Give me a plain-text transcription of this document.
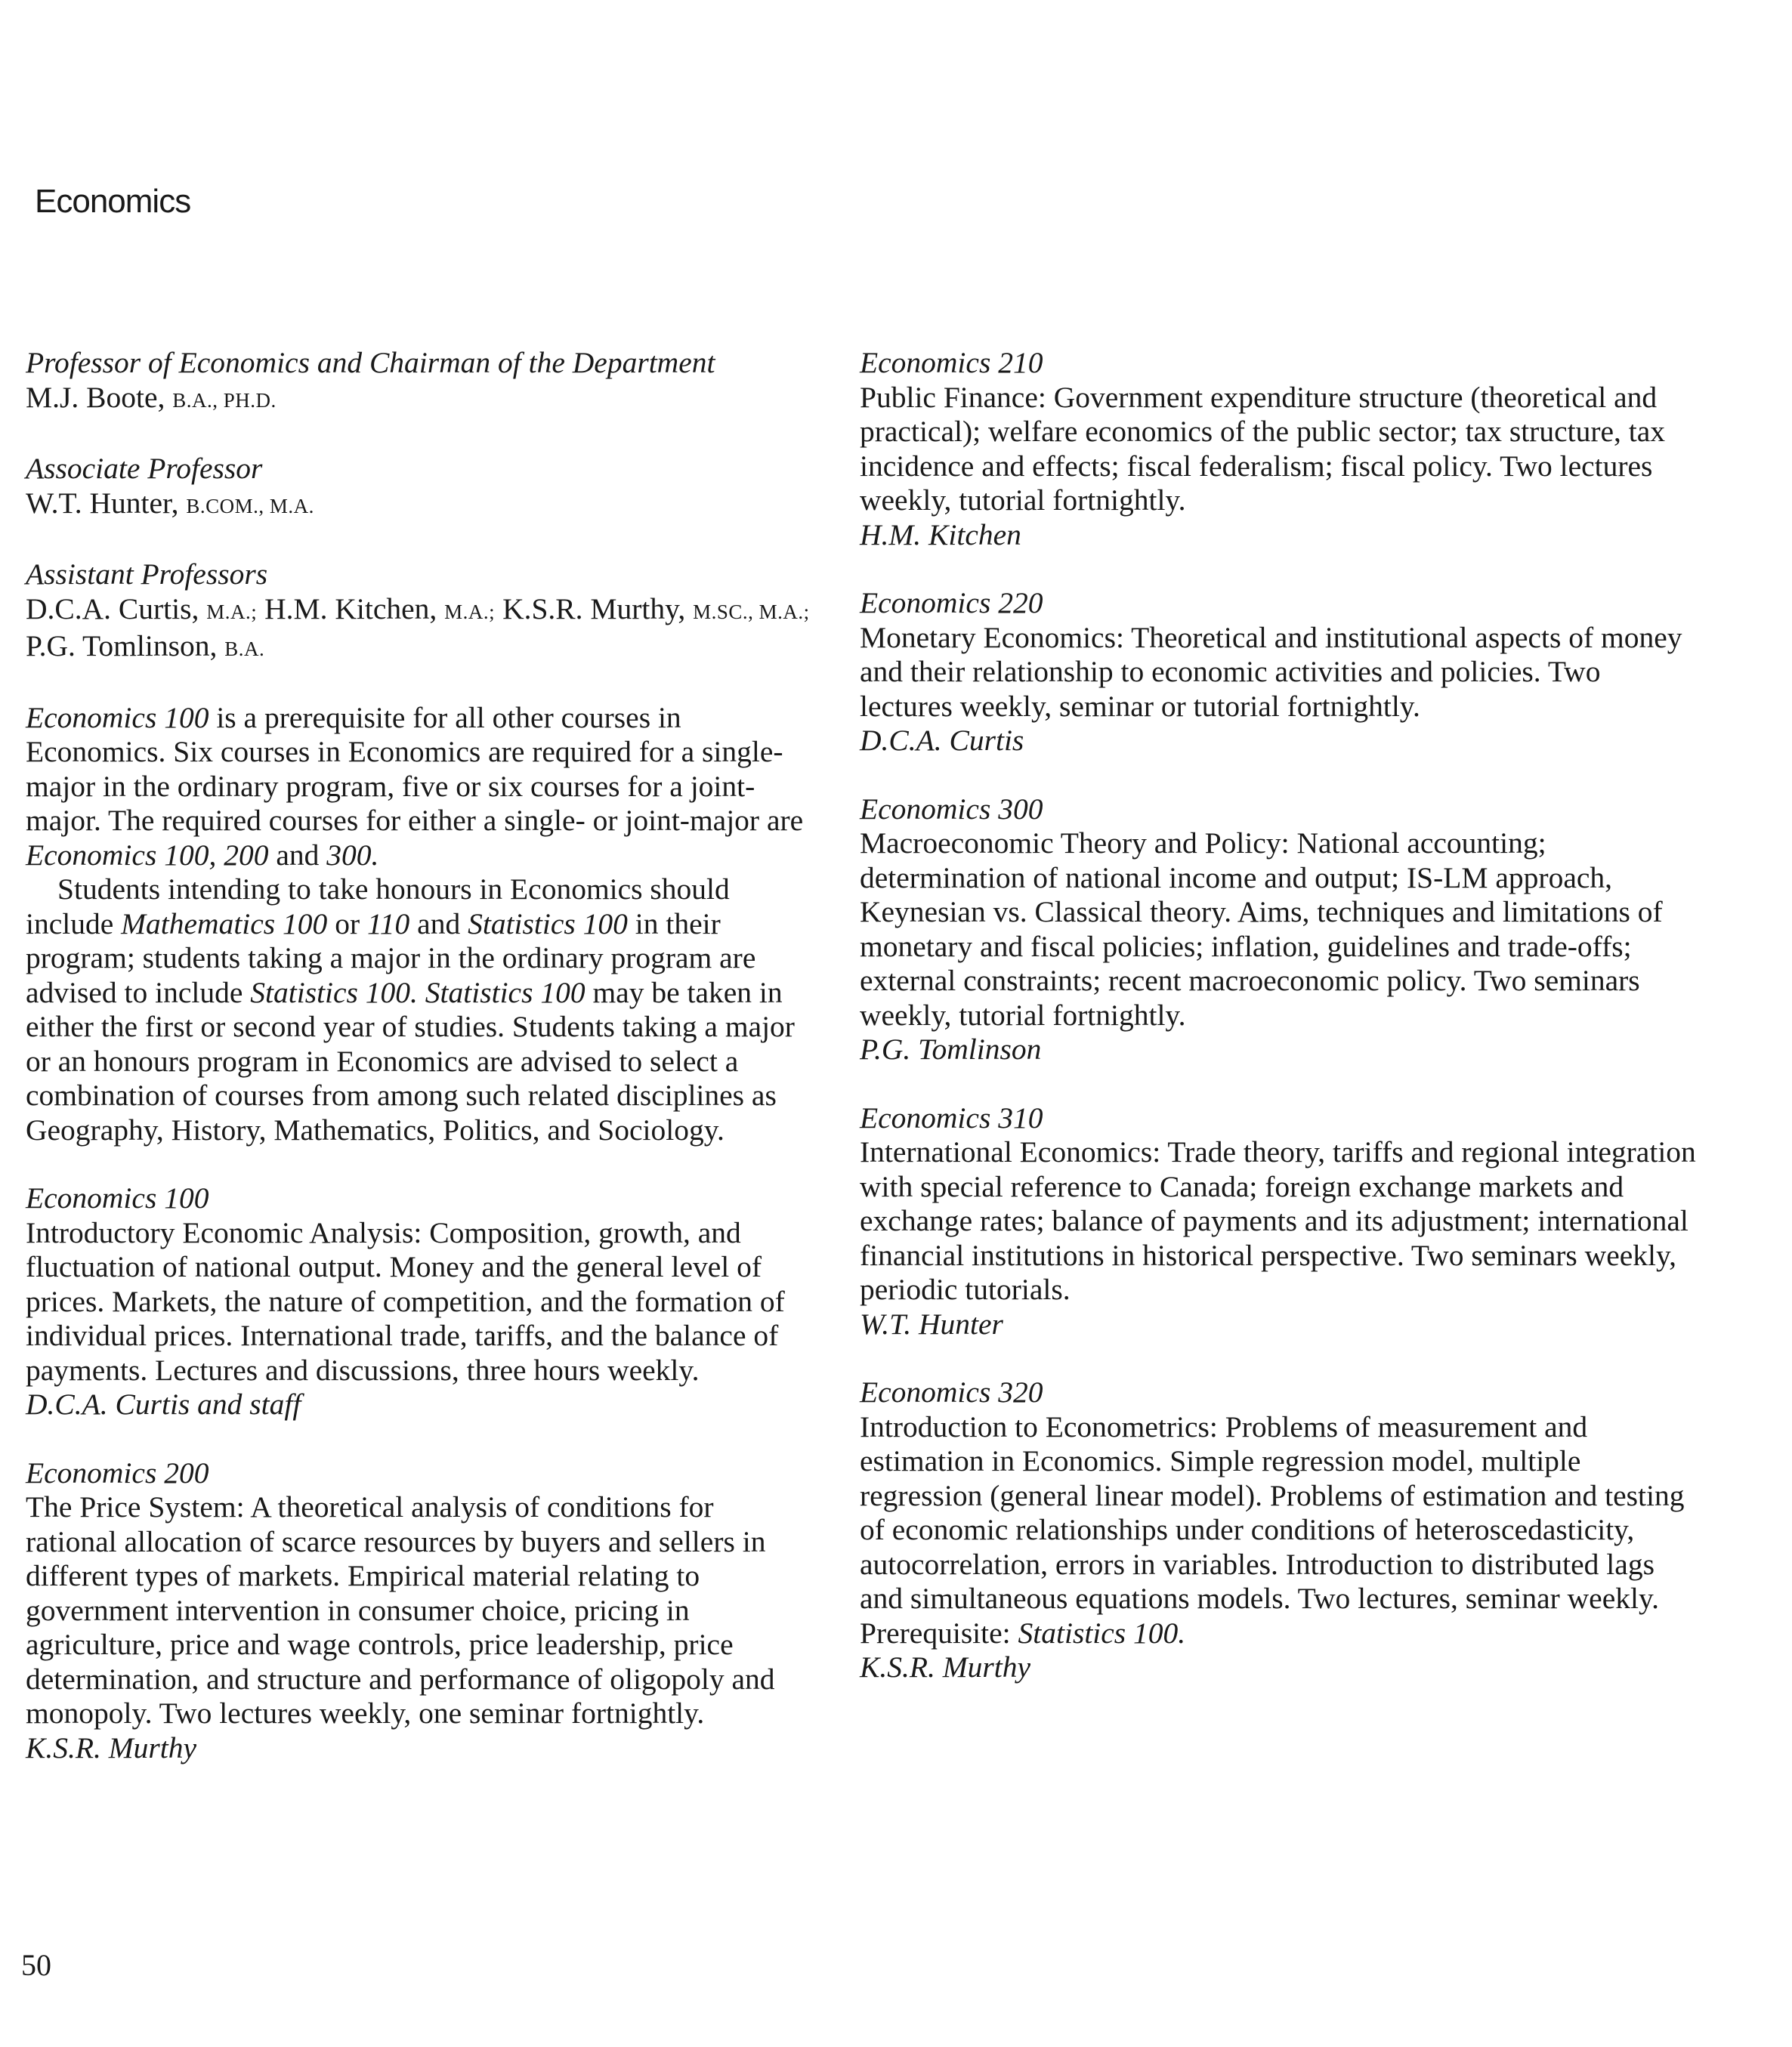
Economics
Professor of Economics and Chairman of the Department
M.J. Boote, B.A., PH.D.
Associate Professor
W.T. Hunter, B.COM., M.A.
Assistant Professors
D.C.A. Curtis, M.A.; H.M. Kitchen, M.A.; K.S.R. Murthy, M.SC., M.A.; P.G. Tomlinson, B.A.

Economics 100 is a prerequisite for all other courses in Economics. Six courses in Economics are required for a single-major in the ordinary program, five or six courses for a joint-major. The required courses for either a single- or joint-major are Economics 100, 200 and 300.

Students intending to take honours in Economics should include Mathematics 100 or 110 and Statistics 100 in their program; students taking a major in the ordinary program are advised to include Statistics 100. Statistics 100 may be taken in either the first or second year of studies. Students taking a major or an honours program in Economics are advised to select a combination of courses from among such related disciplines as Geography, History, Mathematics, Politics, and Sociology.

Economics 100
Introductory Economic Analysis: Composition, growth, and fluctuation of national output. Money and the general level of prices. Markets, the nature of competition, and the formation of individual prices. International trade, tariffs, and the balance of payments. Lectures and discussions, three hours weekly.
D.C.A. Curtis and staff
Economics 200
The Price System: A theoretical analysis of conditions for rational allocation of scarce resources by buyers and sellers in different types of markets. Empirical material relating to government intervention in consumer choice, pricing in agriculture, price and wage controls, price leadership, price determination, and structure and performance of oligopoly and monopoly. Two lectures weekly, one seminar fortnightly.
K.S.R. Murthy
Economics 210
Public Finance: Government expenditure structure (theoretical and practical); welfare economics of the public sector; tax structure, tax incidence and effects; fiscal federalism; fiscal policy. Two lectures weekly, tutorial fortnightly.
H.M. Kitchen
Economics 220
Monetary Economics: Theoretical and institutional aspects of money and their relationship to economic activities and policies. Two lectures weekly, seminar or tutorial fortnightly.
D.C.A. Curtis
Economics 300
Macroeconomic Theory and Policy: National accounting; determination of national income and output; IS-LM approach, Keynesian vs. Classical theory. Aims, techniques and limitations of monetary and fiscal policies; inflation, guidelines and trade-offs; external constraints; recent macroeconomic policy. Two seminars weekly, tutorial fortnightly.
P.G. Tomlinson
Economics 310
International Economics: Trade theory, tariffs and regional integration with special reference to Canada; foreign exchange markets and exchange rates; balance of payments and its adjustment; international financial institutions in historical perspective. Two seminars weekly, periodic tutorials.
W.T. Hunter
Economics 320
Introduction to Econometrics: Problems of measurement and estimation in Economics. Simple regression model, multiple regression (general linear model). Problems of estimation and testing of economic relationships under conditions of heteroscedasticity, autocorrelation, errors in variables. Introduction to distributed lags and simultaneous equations models. Two lectures, seminar weekly. Prerequisite: Statistics 100.
K.S.R. Murthy
50
